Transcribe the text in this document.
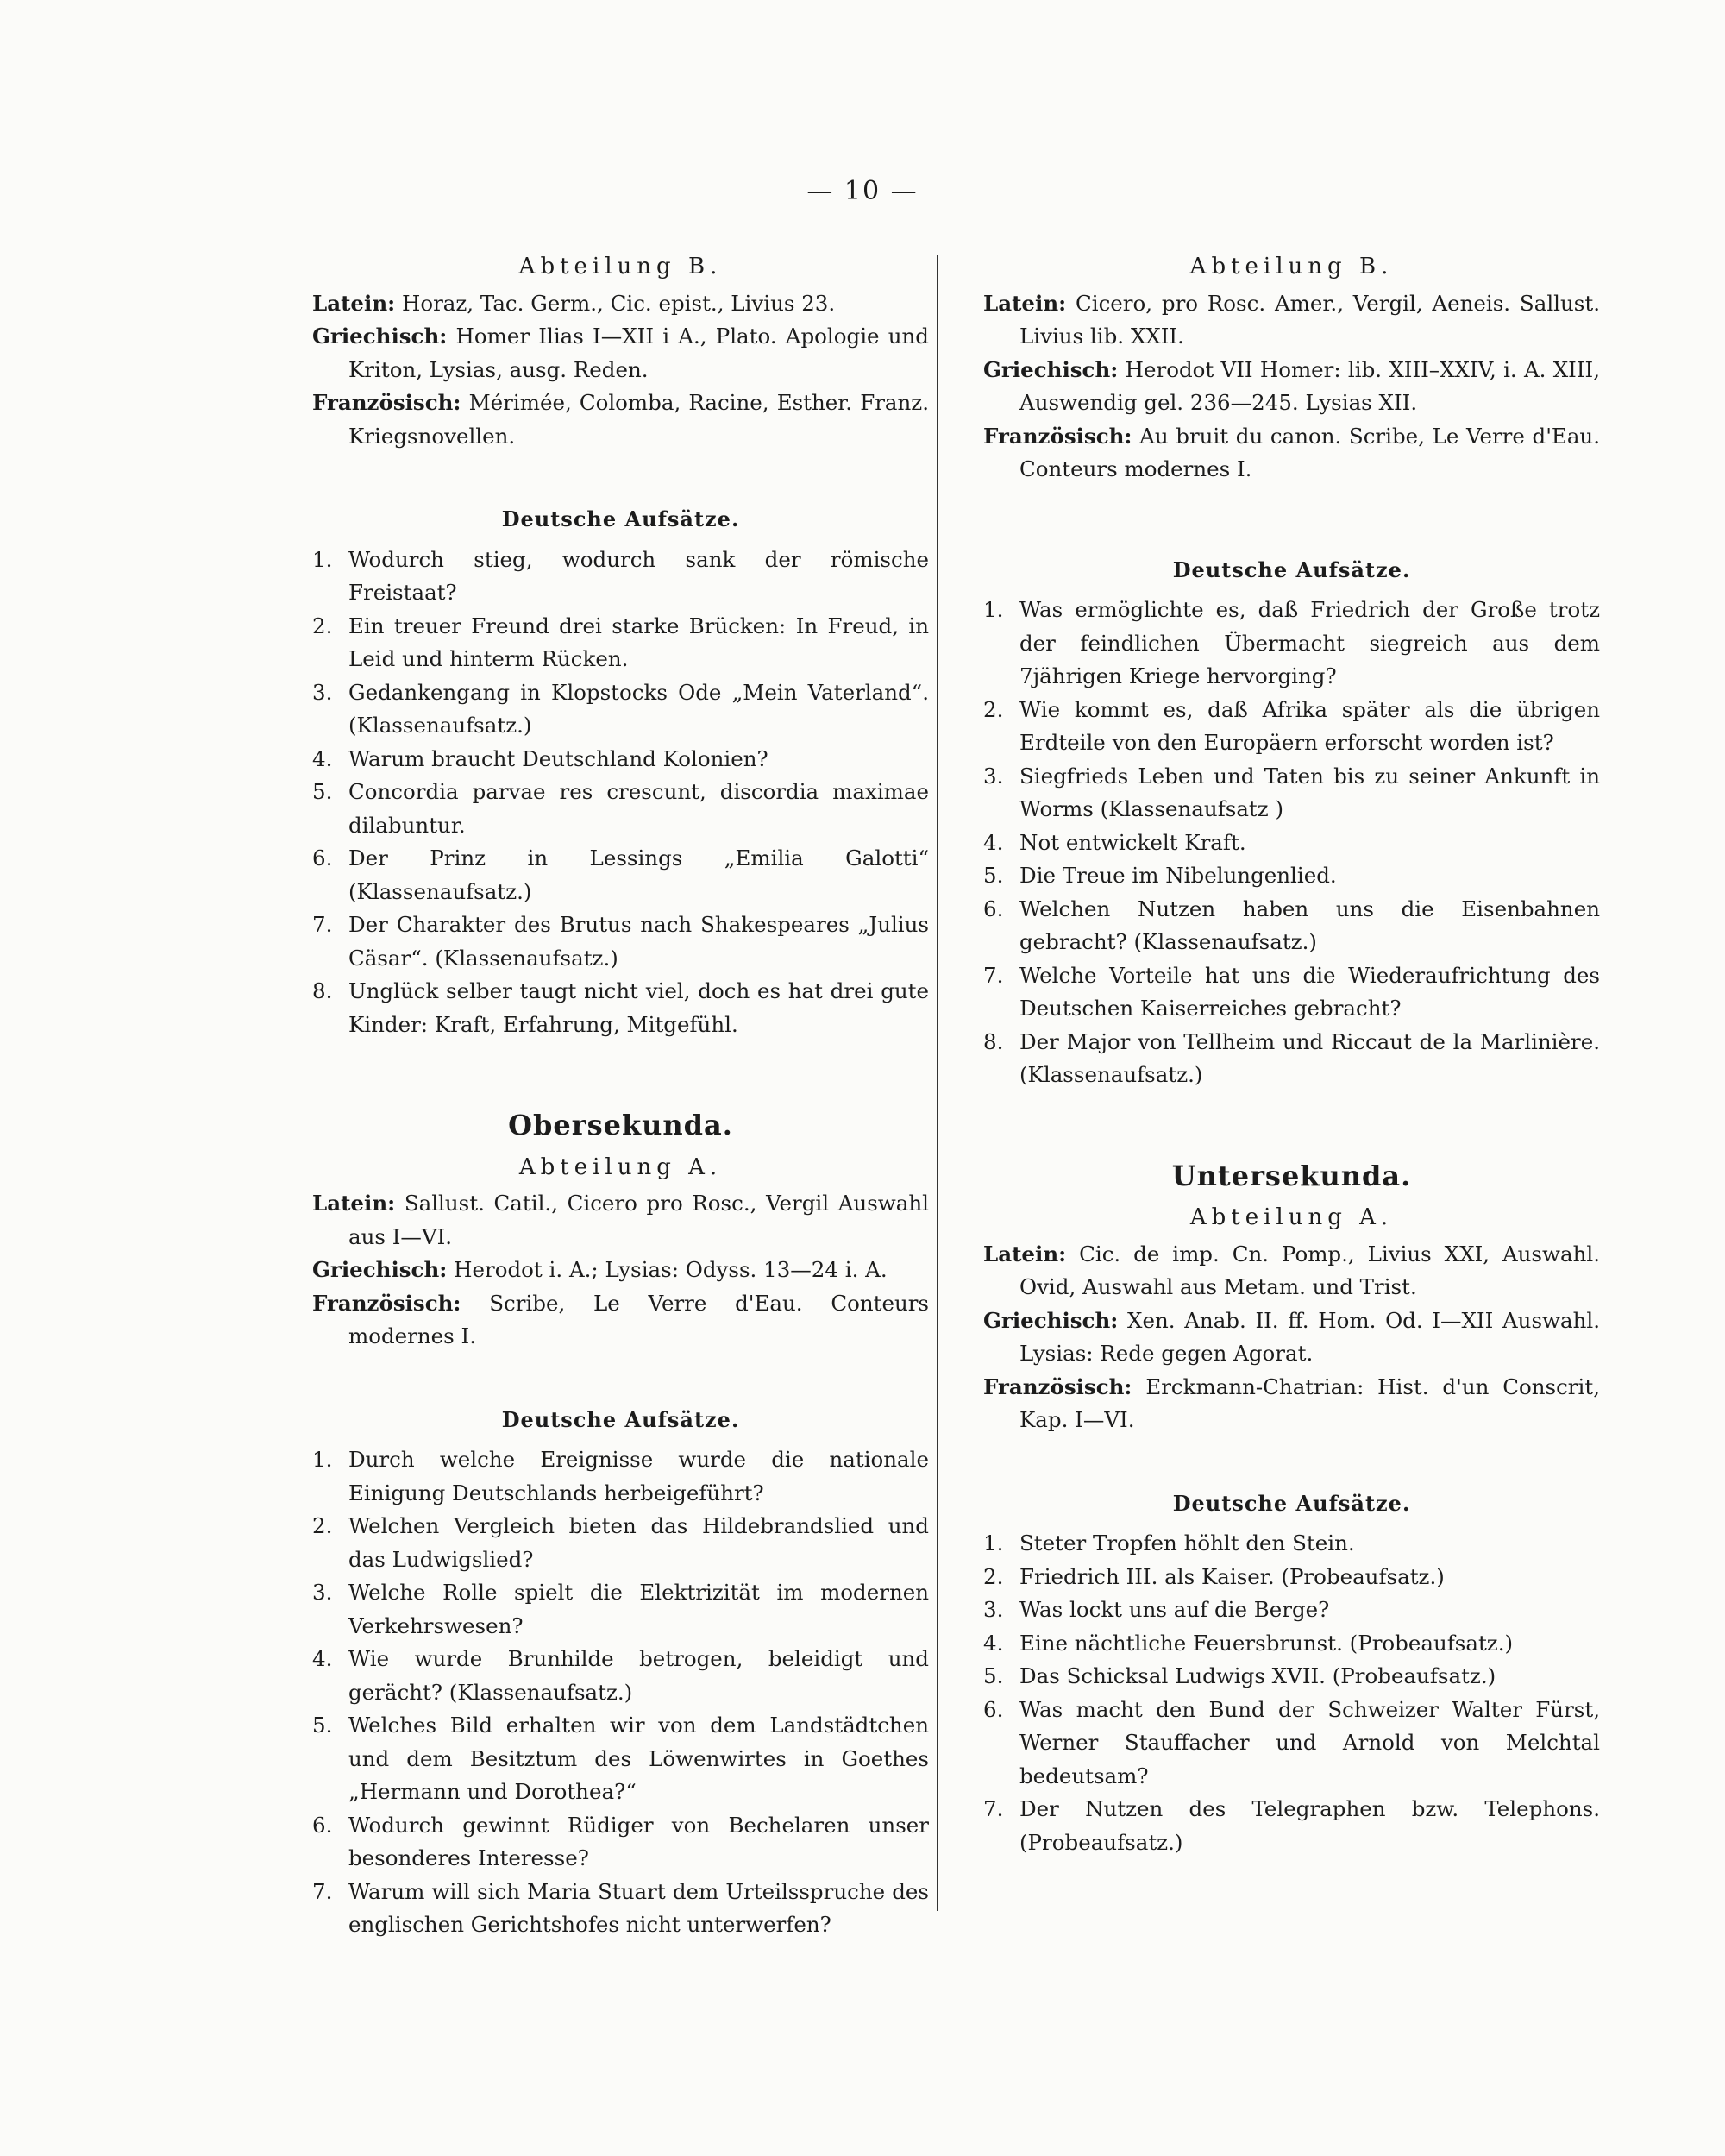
— 10 —
Abteilung B.

Latein: Horaz, Tac. Germ., Cic. epist., Livius 23.

Griechisch: Homer Ilias I—XII i A., Plato. Apologie und Kriton, Lysias, ausg. Reden.

Französisch: Mérimée, Colomba, Racine, Esther. Franz. Kriegsnovellen.

Deutsche Aufsätze.
1. Wodurch stieg, wodurch sank der römische Freistaat?
2. Ein treuer Freund drei starke Brücken: In Freud, in Leid und hinterm Rücken.
3. Gedankengang in Klopstocks Ode „Mein Vaterland“. (Klassenaufsatz.)
4. Warum braucht Deutschland Kolonien?
5. Concordia parvae res crescunt, discordia maximae dilabuntur.
6. Der Prinz in Lessings „Emilia Galotti“ (Klassenaufsatz.)
7. Der Charakter des Brutus nach Shakespeares „Julius Cäsar“. (Klassenaufsatz.)
8. Unglück selber taugt nicht viel, doch es hat drei gute Kinder: Kraft, Erfahrung, Mitgefühl.
Obersekunda.
Abteilung A.

Latein: Sallust. Catil., Cicero pro Rosc., Vergil Auswahl aus I—VI.

Griechisch: Herodot i. A.; Lysias: Odyss. 13—24 i. A.

Französisch: Scribe, Le Verre d'Eau. Conteurs modernes I.

Deutsche Aufsätze.
1. Durch welche Ereignisse wurde die nationale Einigung Deutschlands herbeigeführt?
2. Welchen Vergleich bieten das Hildebrandslied und das Ludwigslied?
3. Welche Rolle spielt die Elektrizität im modernen Verkehrswesen?
4. Wie wurde Brunhilde betrogen, beleidigt und gerächt? (Klassenaufsatz.)
5. Welches Bild erhalten wir von dem Landstädtchen und dem Besitztum des Löwenwirtes in Goethes „Hermann und Dorothea?“
6. Wodurch gewinnt Rüdiger von Bechelaren unser besonderes Interesse?
7. Warum will sich Maria Stuart dem Urteilsspruche des englischen Gerichtshofes nicht unterwerfen?
Abteilung B.

Latein: Cicero, pro Rosc. Amer., Vergil, Aeneis. Sallust. Livius lib. XXII.

Griechisch: Herodot VII Homer: lib. XIII–XXIV, i. A. XIII, Auswendig gel. 236—245. Lysias XII.

Französisch: Au bruit du canon. Scribe, Le Verre d'Eau. Conteurs modernes I.

Deutsche Aufsätze.
1. Was ermöglichte es, daß Friedrich der Große trotz der feindlichen Übermacht siegreich aus dem 7jährigen Kriege hervorging?
2. Wie kommt es, daß Afrika später als die übrigen Erdteile von den Europäern erforscht worden ist?
3. Siegfrieds Leben und Taten bis zu seiner Ankunft in Worms (Klassenaufsatz )
4. Not entwickelt Kraft.
5. Die Treue im Nibelungenlied.
6. Welchen Nutzen haben uns die Eisenbahnen gebracht? (Klassenaufsatz.)
7. Welche Vorteile hat uns die Wiederaufrichtung des Deutschen Kaiserreiches gebracht?
8. Der Major von Tellheim und Riccaut de la Marlinière. (Klassenaufsatz.)
Untersekunda.
Abteilung A.

Latein: Cic. de imp. Cn. Pomp., Livius XXI, Auswahl. Ovid, Auswahl aus Metam. und Trist.

Griechisch: Xen. Anab. II. ff. Hom. Od. I—XII Auswahl. Lysias: Rede gegen Agorat.

Französisch: Erckmann-Chatrian: Hist. d'un Conscrit, Kap. I—VI.

Deutsche Aufsätze.
1. Steter Tropfen höhlt den Stein.
2. Friedrich III. als Kaiser. (Probeaufsatz.)
3. Was lockt uns auf die Berge?
4. Eine nächtliche Feuersbrunst. (Probeaufsatz.)
5. Das Schicksal Ludwigs XVII. (Probeaufsatz.)
6. Was macht den Bund der Schweizer Walter Fürst, Werner Stauffacher und Arnold von Melchtal bedeutsam?
7. Der Nutzen des Telegraphen bzw. Telephons. (Probeaufsatz.)
